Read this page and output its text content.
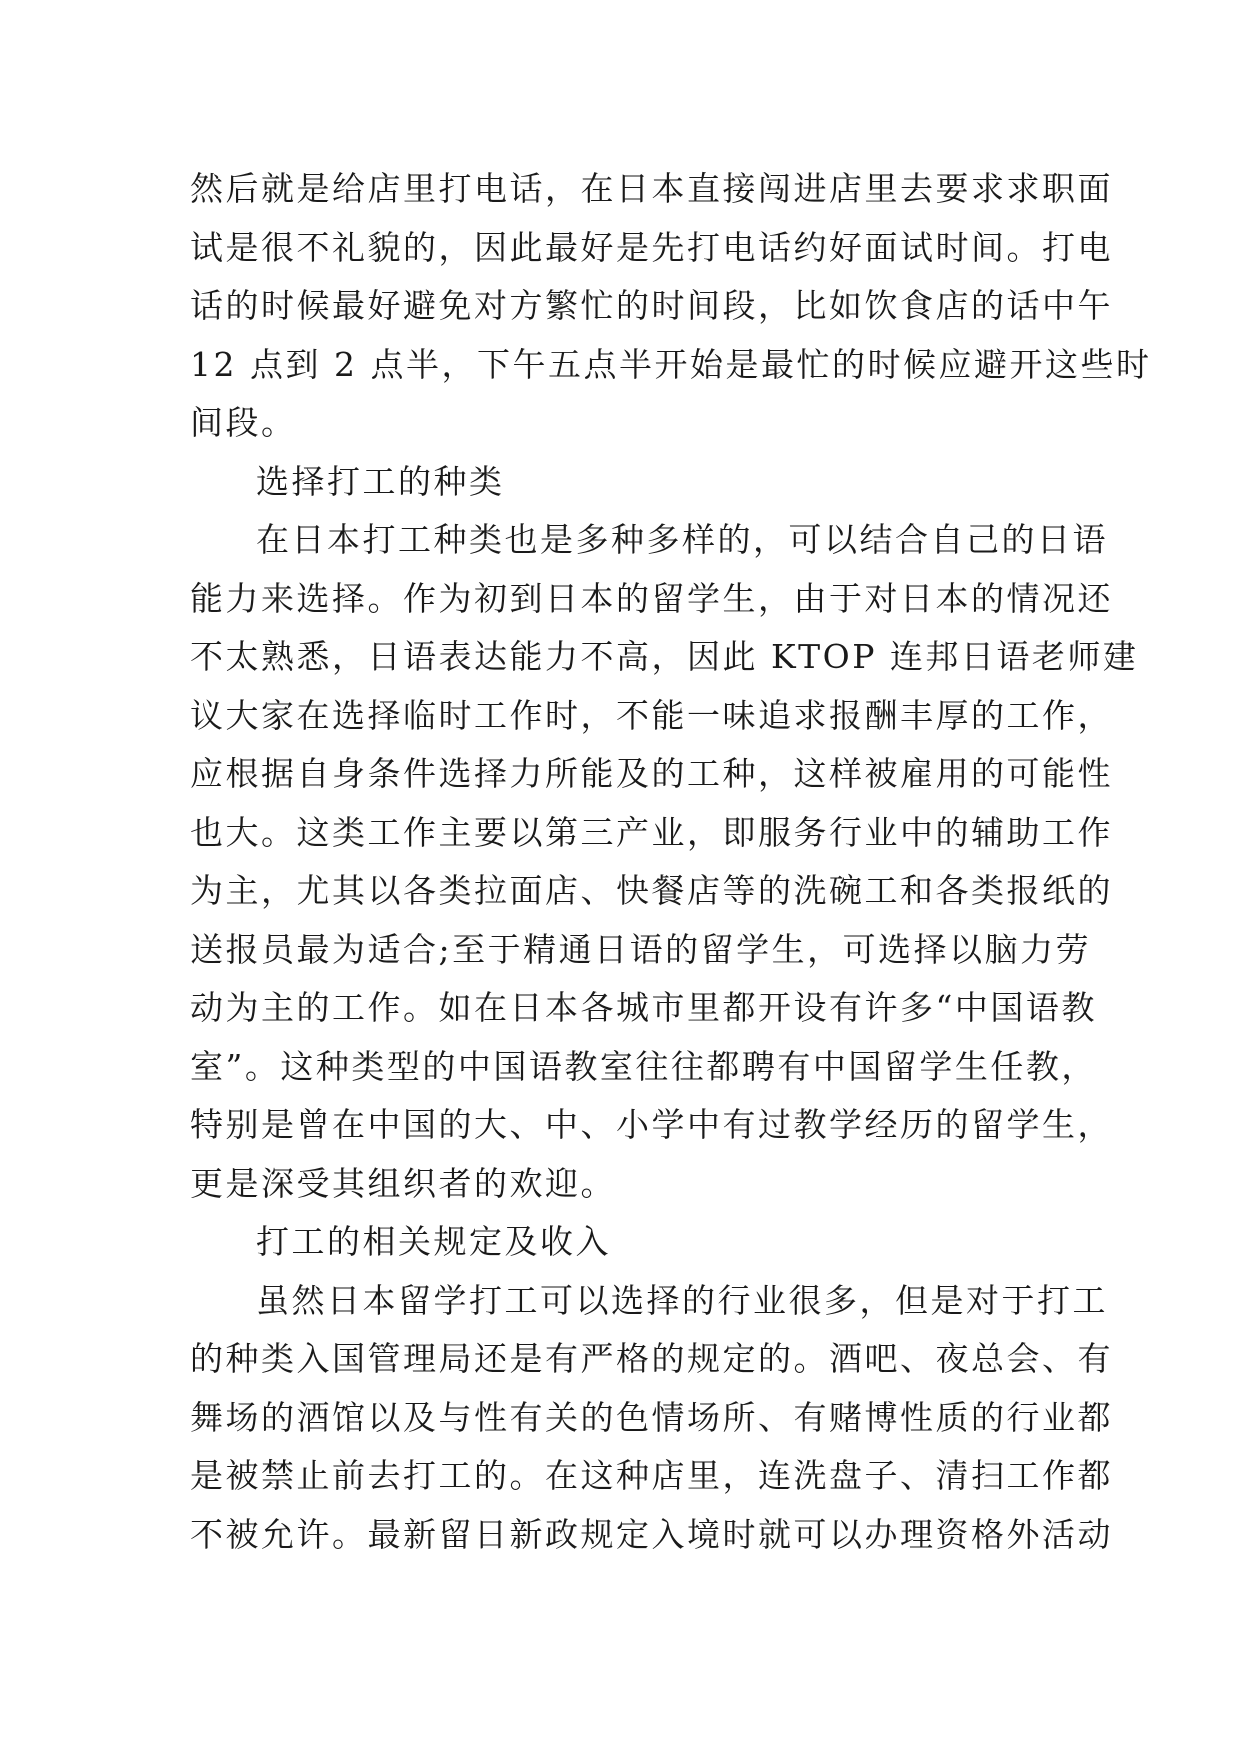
然后就是给店里打电话，在日本直接闯进店里去要求求职面
试是很不礼貌的，因此最好是先打电话约好面试时间。打电
话的时候最好避免对方繁忙的时间段，比如饮食店的话中午
12 点到 2 点半，下午五点半开始是最忙的时候应避开这些时
间段。
选择打工的种类
在日本打工种类也是多种多样的，可以结合自己的日语
能力来选择。作为初到日本的留学生，由于对日本的情况还
不太熟悉，日语表达能力不高，因此 KTOP 连邦日语老师建
议大家在选择临时工作时，不能一味追求报酬丰厚的工作，
应根据自身条件选择力所能及的工种，这样被雇用的可能性
也大。这类工作主要以第三产业，即服务行业中的辅助工作
为主，尤其以各类拉面店、快餐店等的洗碗工和各类报纸的
送报员最为适合;至于精通日语的留学生，可选择以脑力劳
动为主的工作。如在日本各城市里都开设有许多“中国语教
室”。这种类型的中国语教室往往都聘有中国留学生任教，
特别是曾在中国的大、中、小学中有过教学经历的留学生，
更是深受其组织者的欢迎。
打工的相关规定及收入
虽然日本留学打工可以选择的行业很多，但是对于打工
的种类入国管理局还是有严格的规定的。酒吧、夜总会、有
舞场的酒馆以及与性有关的色情场所、有赌博性质的行业都
是被禁止前去打工的。在这种店里，连洗盘子、清扫工作都
不被允许。最新留日新政规定入境时就可以办理资格外活动
